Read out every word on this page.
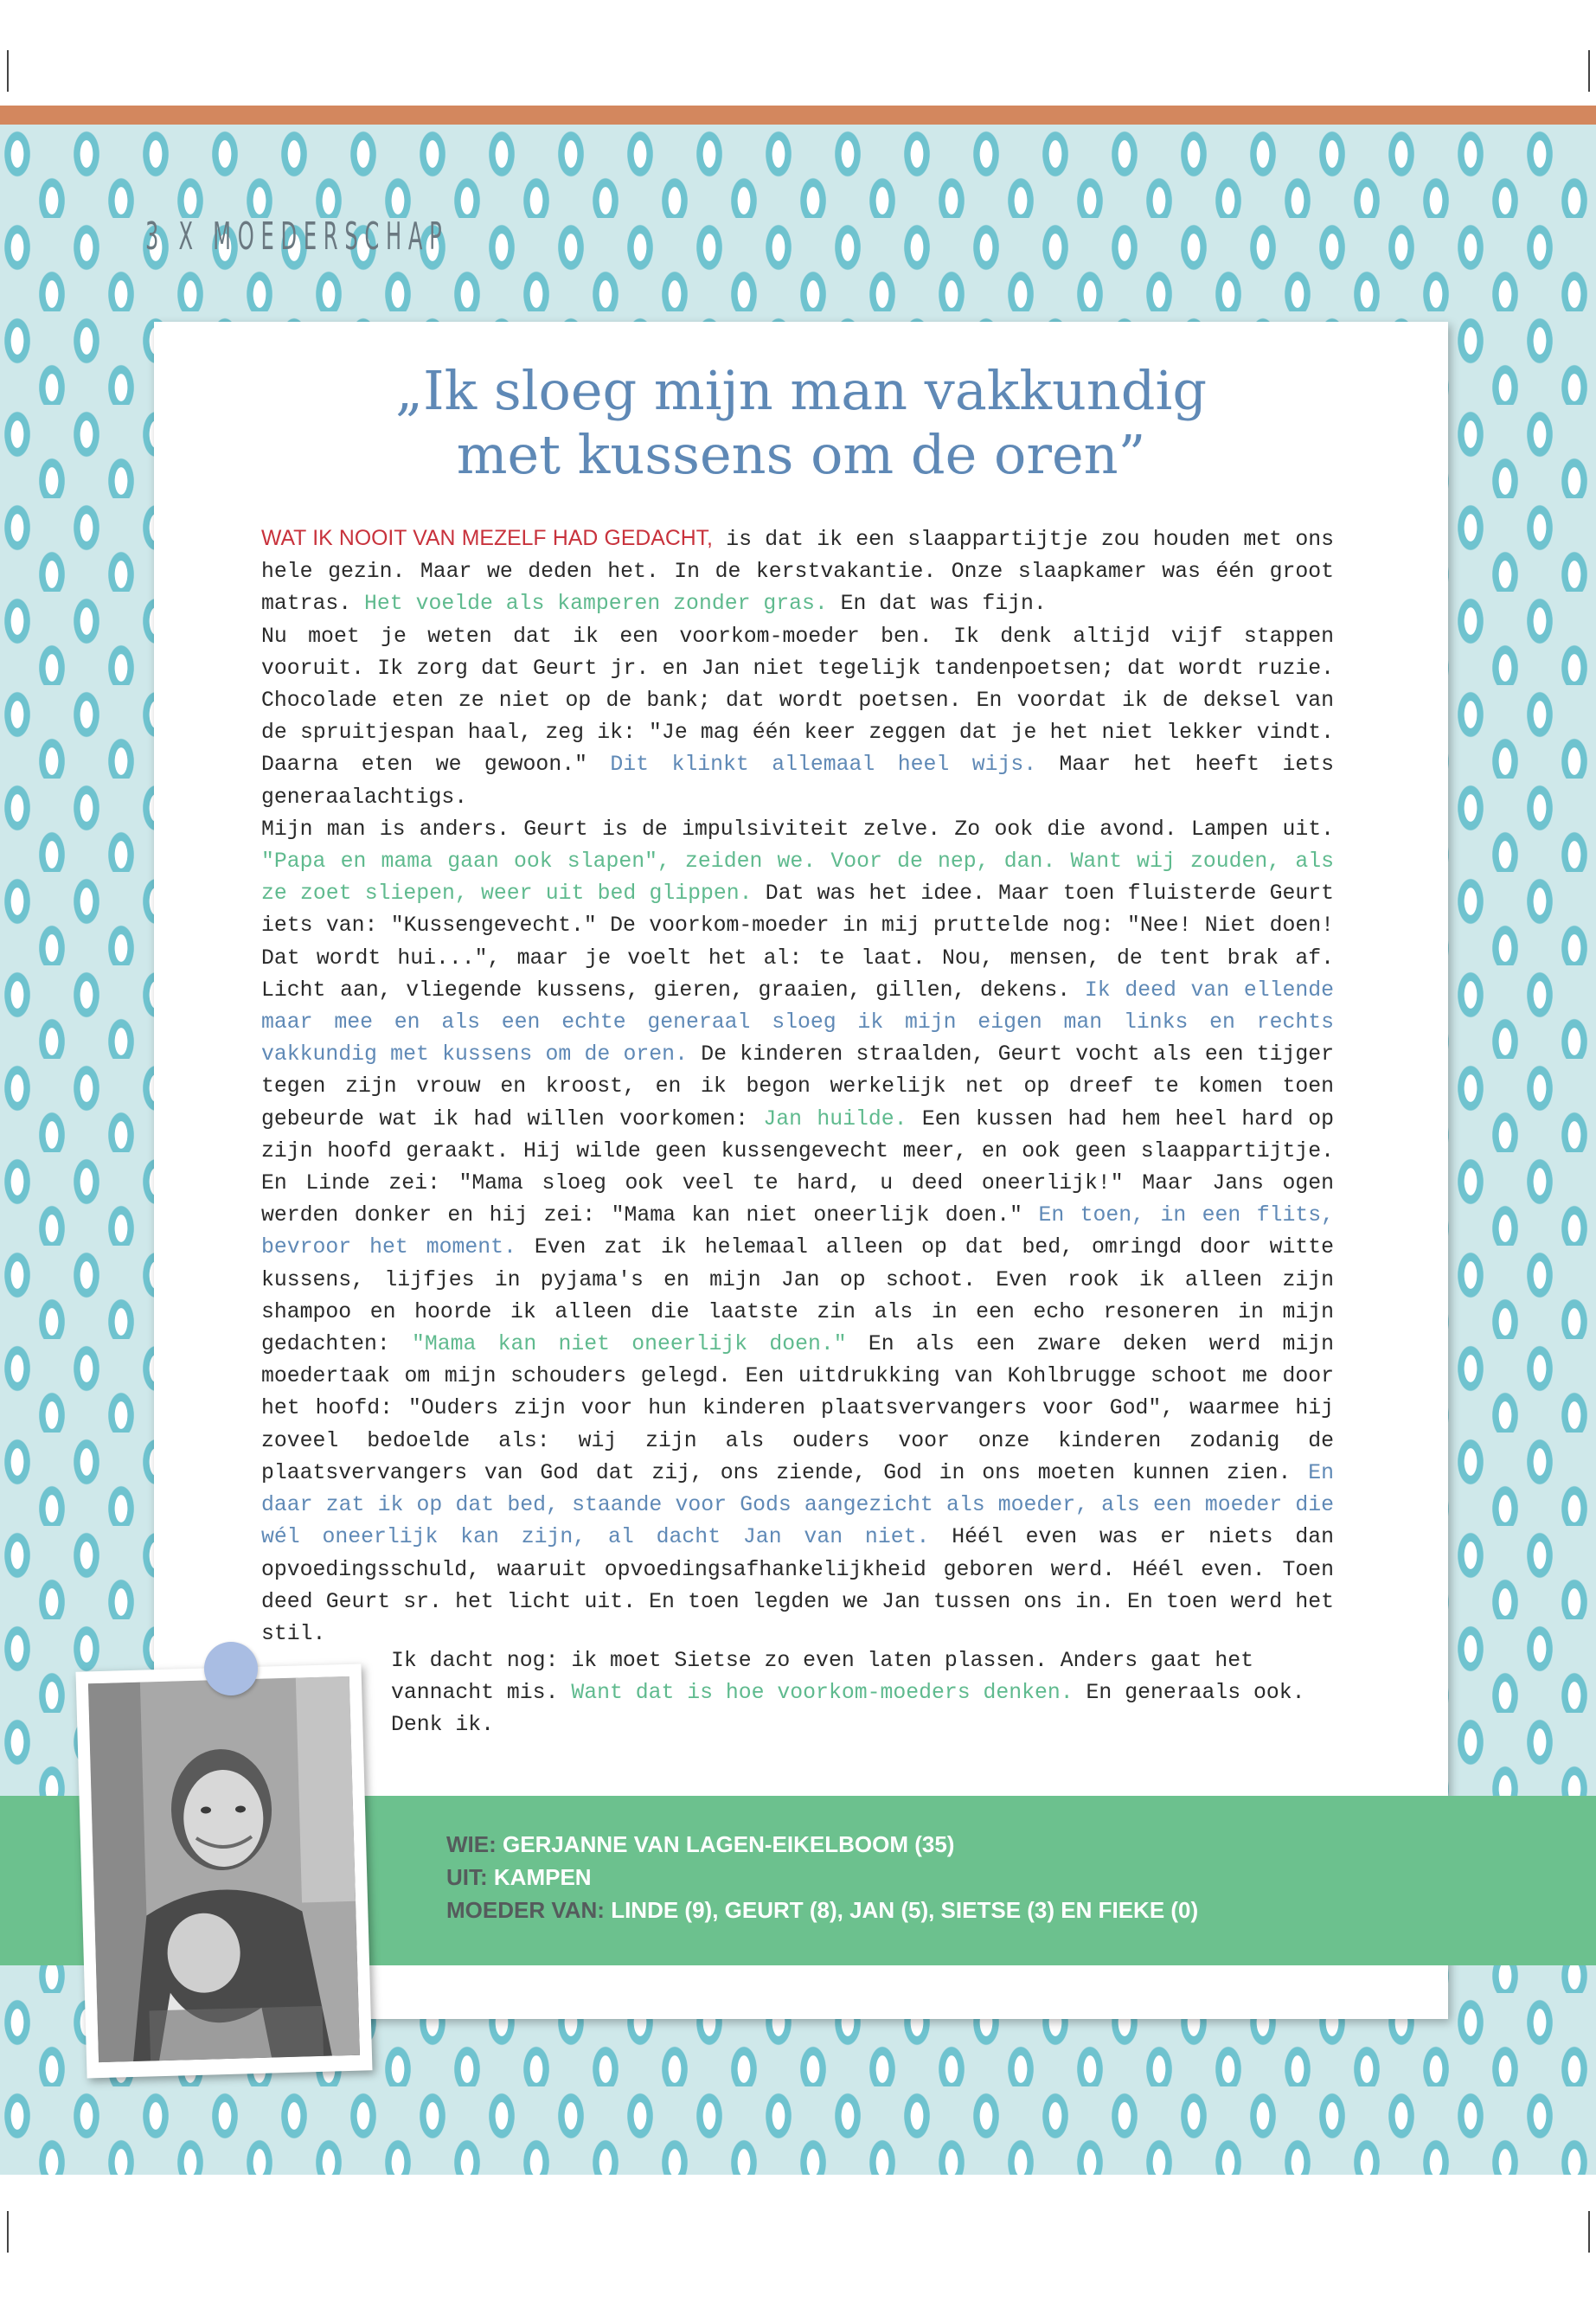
3 X MOEDERSCHAP
„Ik sloeg mijn man vakkundig
met kussens om de oren”

WAT IK NOOIT VAN MEZELF HAD GEDACHT, is dat ik een slaappartijtje zou houden met ons hele gezin. Maar we deden het. In de kerstvakantie. Onze slaapkamer was één groot matras. Het voelde als kamperen zonder gras. En dat was fijn.

Nu moet je weten dat ik een voorkom-moeder ben. Ik denk altijd vijf stappen vooruit. Ik zorg dat Geurt jr. en Jan niet tegelijk tandenpoetsen; dat wordt ruzie. Chocolade eten ze niet op de bank; dat wordt poetsen. En voordat ik de deksel van de spruitjespan haal, zeg ik: "Je mag één keer zeggen dat je het niet lekker vindt. Daarna eten we gewoon." Dit klinkt allemaal heel wijs. Maar het heeft iets generaalachtigs.

Mijn man is anders. Geurt is de impulsiviteit zelve. Zo ook die avond. Lampen uit. "Papa en mama gaan ook slapen", zeiden we. Voor de nep, dan. Want wij zouden, als ze zoet sliepen, weer uit bed glippen. Dat was het idee. Maar toen fluisterde Geurt iets van: "Kussengevecht." De voorkom-moeder in mij pruttelde nog: "Nee! Niet doen! Dat wordt hui...", maar je voelt het al: te laat. Nou, mensen, de tent brak af. Licht aan, vliegende kussens, gieren, graaien, gillen, dekens. Ik deed van ellende maar mee en als een echte generaal sloeg ik mijn eigen man links en rechts vakkundig met kussens om de oren. De kinderen straalden, Geurt vocht als een tijger tegen zijn vrouw en kroost, en ik begon werkelijk net op dreef te komen toen gebeurde wat ik had willen voorkomen: Jan huilde. Een kussen had hem heel hard op zijn hoofd geraakt. Hij wilde geen kussengevecht meer, en ook geen slaappartijtje. En Linde zei: "Mama sloeg ook veel te hard, u deed oneerlijk!" Maar Jans ogen werden donker en hij zei: "Mama kan niet oneerlijk doen." En toen, in een flits, bevroor het moment. Even zat ik helemaal alleen op dat bed, omringd door witte kussens, lijfjes in pyjama's en mijn Jan op schoot. Even rook ik alleen zijn shampoo en hoorde ik alleen die laatste zin als in een echo resoneren in mijn gedachten: "Mama kan niet oneerlijk doen." En als een zware deken werd mijn moedertaak om mijn schouders gelegd. Een uitdrukking van Kohlbrugge schoot me door het hoofd: "Ouders zijn voor hun kinderen plaatsvervangers voor God", waarmee hij zoveel bedoelde als: wij zijn als ouders voor onze kinderen zodanig de plaatsvervangers van God dat zij, ons ziende, God in ons moeten kunnen zien. En daar zat ik op dat bed, staande voor Gods aangezicht als moeder, als een moeder die wél oneerlijk kan zijn, al dacht Jan van niet. Héél even was er niets dan opvoedingsschuld, waaruit opvoedingsafhankelijkheid geboren werd. Héél even. Toen deed Geurt sr. het licht uit. En toen legden we Jan tussen ons in. En toen werd het stil.

Ik dacht nog: ik moet Sietse zo even laten plassen. Anders gaat het vannacht mis. Want dat is hoe voorkom-moeders denken. En generaals ook. Denk ik.

WIE: GERJANNE VAN LAGEN-EIKELBOOM (35)
UIT: KAMPEN
MOEDER VAN: LINDE (9), GEURT (8), JAN (5), SIETSE (3) EN FIEKE (0)
